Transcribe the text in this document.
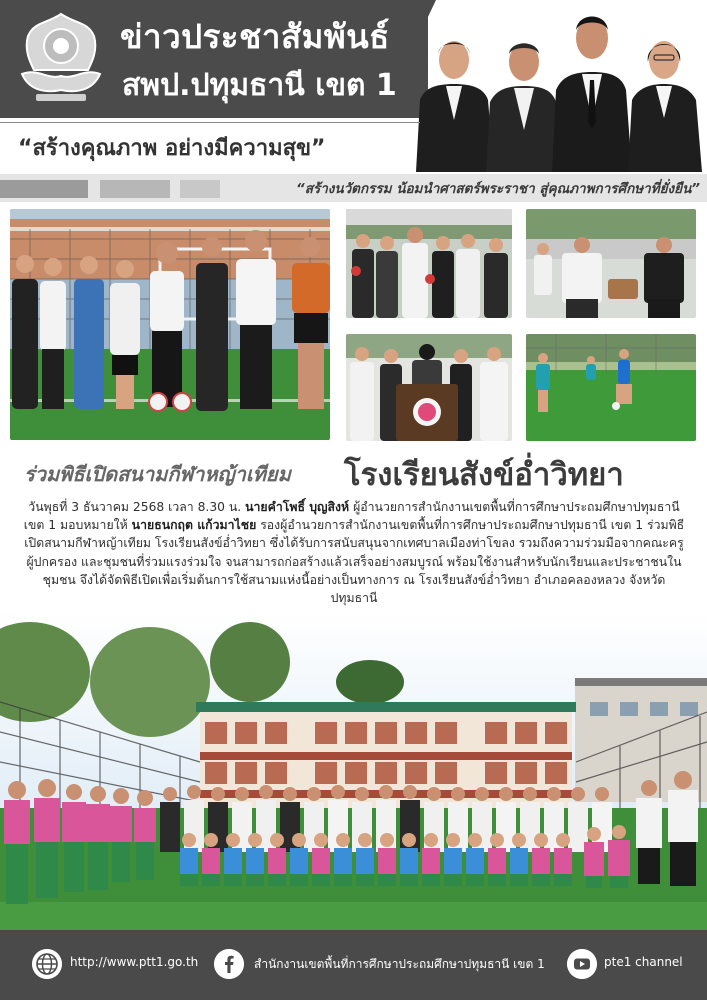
ข่าวประชาสัมพันธ์
สพป.ปทุมธานี เขต 1
“สร้างคุณภาพ อย่างมีความสุข”
“สร้างนวัตกรรม น้อมนำศาสตร์พระราชา สู่คุณภาพการศึกษาที่ยั่งยืน”
ร่วมพิธีเปิดสนามกีฬาหญ้าเทียม โรงเรียนสังข์อ่ำวิทยา
วันพุธที่ 3 ธันวาคม 2568 เวลา 8.30 น. นายคำโพธิ์ บุญสิงห์ ผู้อำนวยการสำนักงานเขตพื้นที่การศึกษาประถมศึกษาปทุมธานี เขต 1 มอบหมายให้ นายธนกฤต แก้วมาไชย รองผู้อำนวยการสำนักงานเขตพื้นที่การศึกษาประถมศึกษาปทุมธานี เขต 1 ร่วมพิธีเปิดสนามกีฬาหญ้าเทียม โรงเรียนสังข์อ่ำวิทยา ซึ่งได้รับการสนับสนุนจากเทศบาลเมืองท่าโขลง รวมถึงความร่วมมือจากคณะครู ผู้ปกครอง และชุมชนที่ร่วมแรงร่วมใจ จนสามารถก่อสร้างแล้วเสร็จอย่างสมบูรณ์ พร้อมใช้งานสำหรับนักเรียนและประชาชนในชุมชน จึงได้จัดพิธีเปิดเพื่อเริ่มต้นการใช้สนามแห่งนี้อย่างเป็นทางการ ณ โรงเรียนสังข์อ่ำวิทยา อำเภอคลองหลวง จังหวัดปทุมธานี
http://www.ptt1.go.th	สำนักงานเขตพื้นที่การศึกษาประถมศึกษาปทุมธานี เขต 1	pte1 channel
